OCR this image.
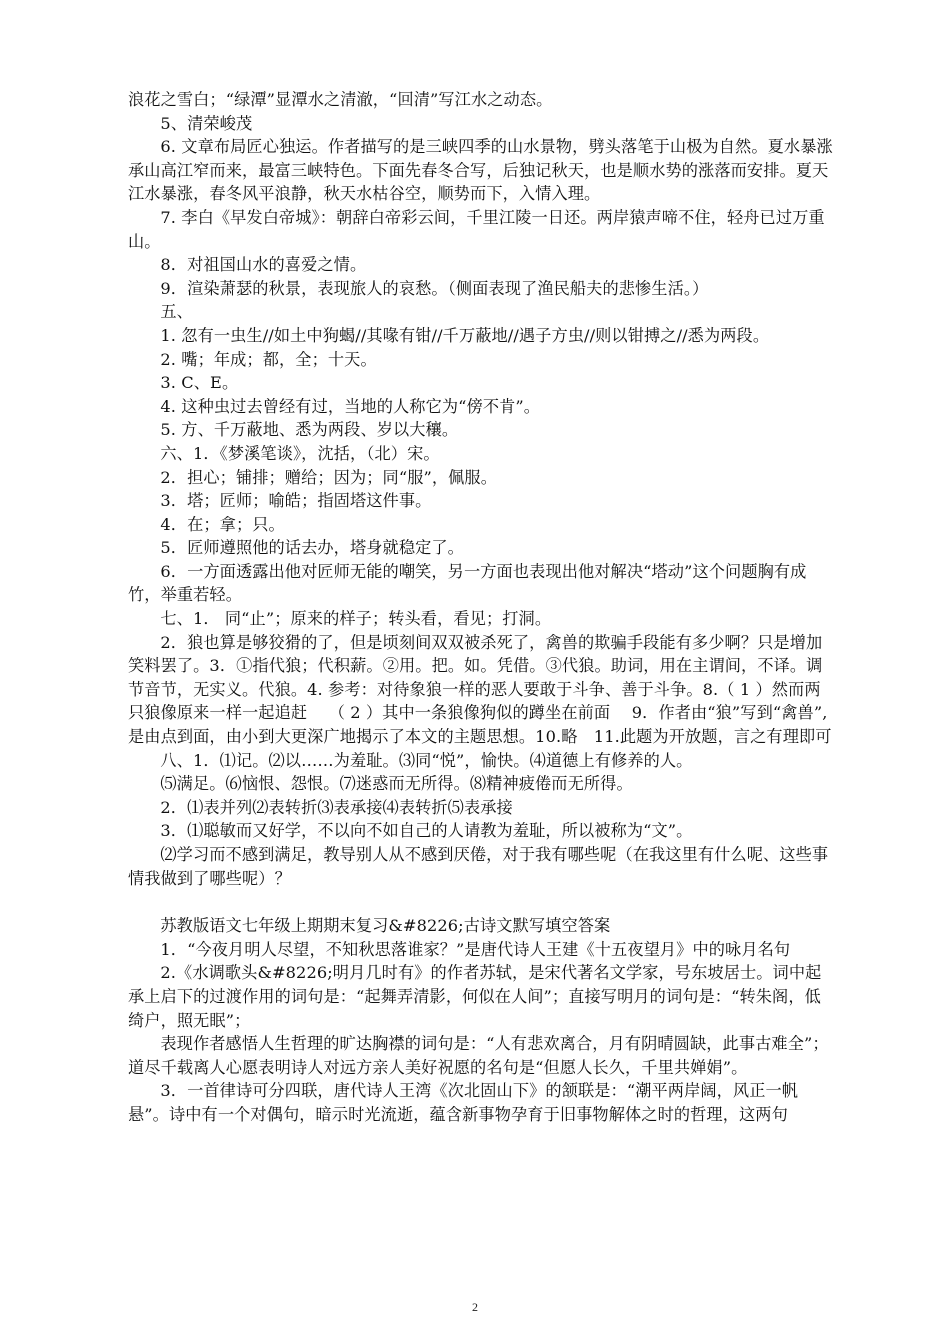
浪花之雪白；“绿潭”显潭水之清澈，“回清”写江水之动态。
5、清荣峻茂
6. 文章布局匠心独运。作者描写的是三峡四季的山水景物，劈头落笔于山极为自然。夏水暴涨承山高江窄而来，最富三峡特色。下面先春冬合写，后独记秋天，也是顺水势的涨落而安排。夏天江水暴涨，春冬风平浪静，秋天水枯谷空，顺势而下，入情入理。
7. 李白《早发白帝城》：朝辞白帝彩云间，千里江陵一日还。两岸猿声啼不住，轻舟已过万重山。
8．对祖国山水的喜爱之情。
9．渲染萧瑟的秋景，表现旅人的哀愁。（侧面表现了渔民船夫的悲惨生活。）
五、
1. 忽有一虫生//如土中狗蝎//其喙有钳//千万蔽地//遇子方虫//则以钳搏之//悉为两段。
2. 嘴；年成；都，全；十天。
3. C、E。
4. 这种虫过去曾经有过，当地的人称它为“傍不肯”。
5. 方、千万蔽地、悉为两段、岁以大穰。
六、1．《梦溪笔谈》，沈括，（北）宋。
2．担心；铺排；赠给；因为；同“服”，佩服。
3．塔；匠师；喻皓；指固塔这件事。
4．在；拿；只。
5．匠师遵照他的话去办，塔身就稳定了。
6．一方面透露出他对匠师无能的嘲笑，另一方面也表现出他对解决“塔动”这个问题胸有成竹，举重若轻。
七、1． 同“止”；原来的样子；转头看，看见；打洞。
2．狼也算是够狡猾的了，但是顷刻间双双被杀死了，禽兽的欺骗手段能有多少啊？只是增加笑料罢了。3．①指代狼；代积薪。②用。把。如。凭借。③代狼。助词，用在主谓间，不译。调节音节，无实义。代狼。4. 参考：对待象狼一样的恶人要敢于斗争、善于斗争。8.（ 1 ）然而两只狼像原来一样一起追赶　 （ 2 ）其中一条狼像狗似的蹲坐在前面　 9．作者由“狼”写到“禽兽”,是由点到面，由小到大更深广地揭示了本文的主题思想。10.略　11.此题为开放题，言之有理即可
八、1．⑴记。⑵以……为羞耻。⑶同“悦”，愉快。⑷道德上有修养的人。
⑸满足。⑹恼恨、怨恨。⑺迷惑而无所得。⑻精神疲倦而无所得。
2．⑴表并列⑵表转折⑶表承接⑷表转折⑸表承接
3．⑴聪敏而又好学，不以向不如自己的人请教为羞耻，所以被称为“文”。
⑵学习而不感到满足，教导别人从不感到厌倦，对于我有哪些呢（在我这里有什么呢、这些事情我做到了哪些呢）？
苏教版语文七年级上期期末复习&#8226;古诗文默写填空答案
1．“今夜月明人尽望，不知秋思落谁家？”是唐代诗人王建《十五夜望月》中的咏月名句
2.《水调歌头&#8226;明月几时有》的作者苏轼，是宋代著名文学家，号东坡居士。词中起承上启下的过渡作用的词句是：“起舞弄清影，何似在人间”；直接写明月的词句是：“转朱阁，低绮户，照无眠”；
表现作者感悟人生哲理的旷达胸襟的词句是：“人有悲欢离合，月有阴晴圆缺，此事古难全”；道尽千载离人心愿表明诗人对远方亲人美好祝愿的名句是“但愿人长久，千里共婵娟”。
3．一首律诗可分四联，唐代诗人王湾《次北固山下》的颔联是：“潮平两岸阔，风正一帆悬”。诗中有一个对偶句，暗示时光流逝，蕴含新事物孕育于旧事物解体之时的哲理，这两句
2
